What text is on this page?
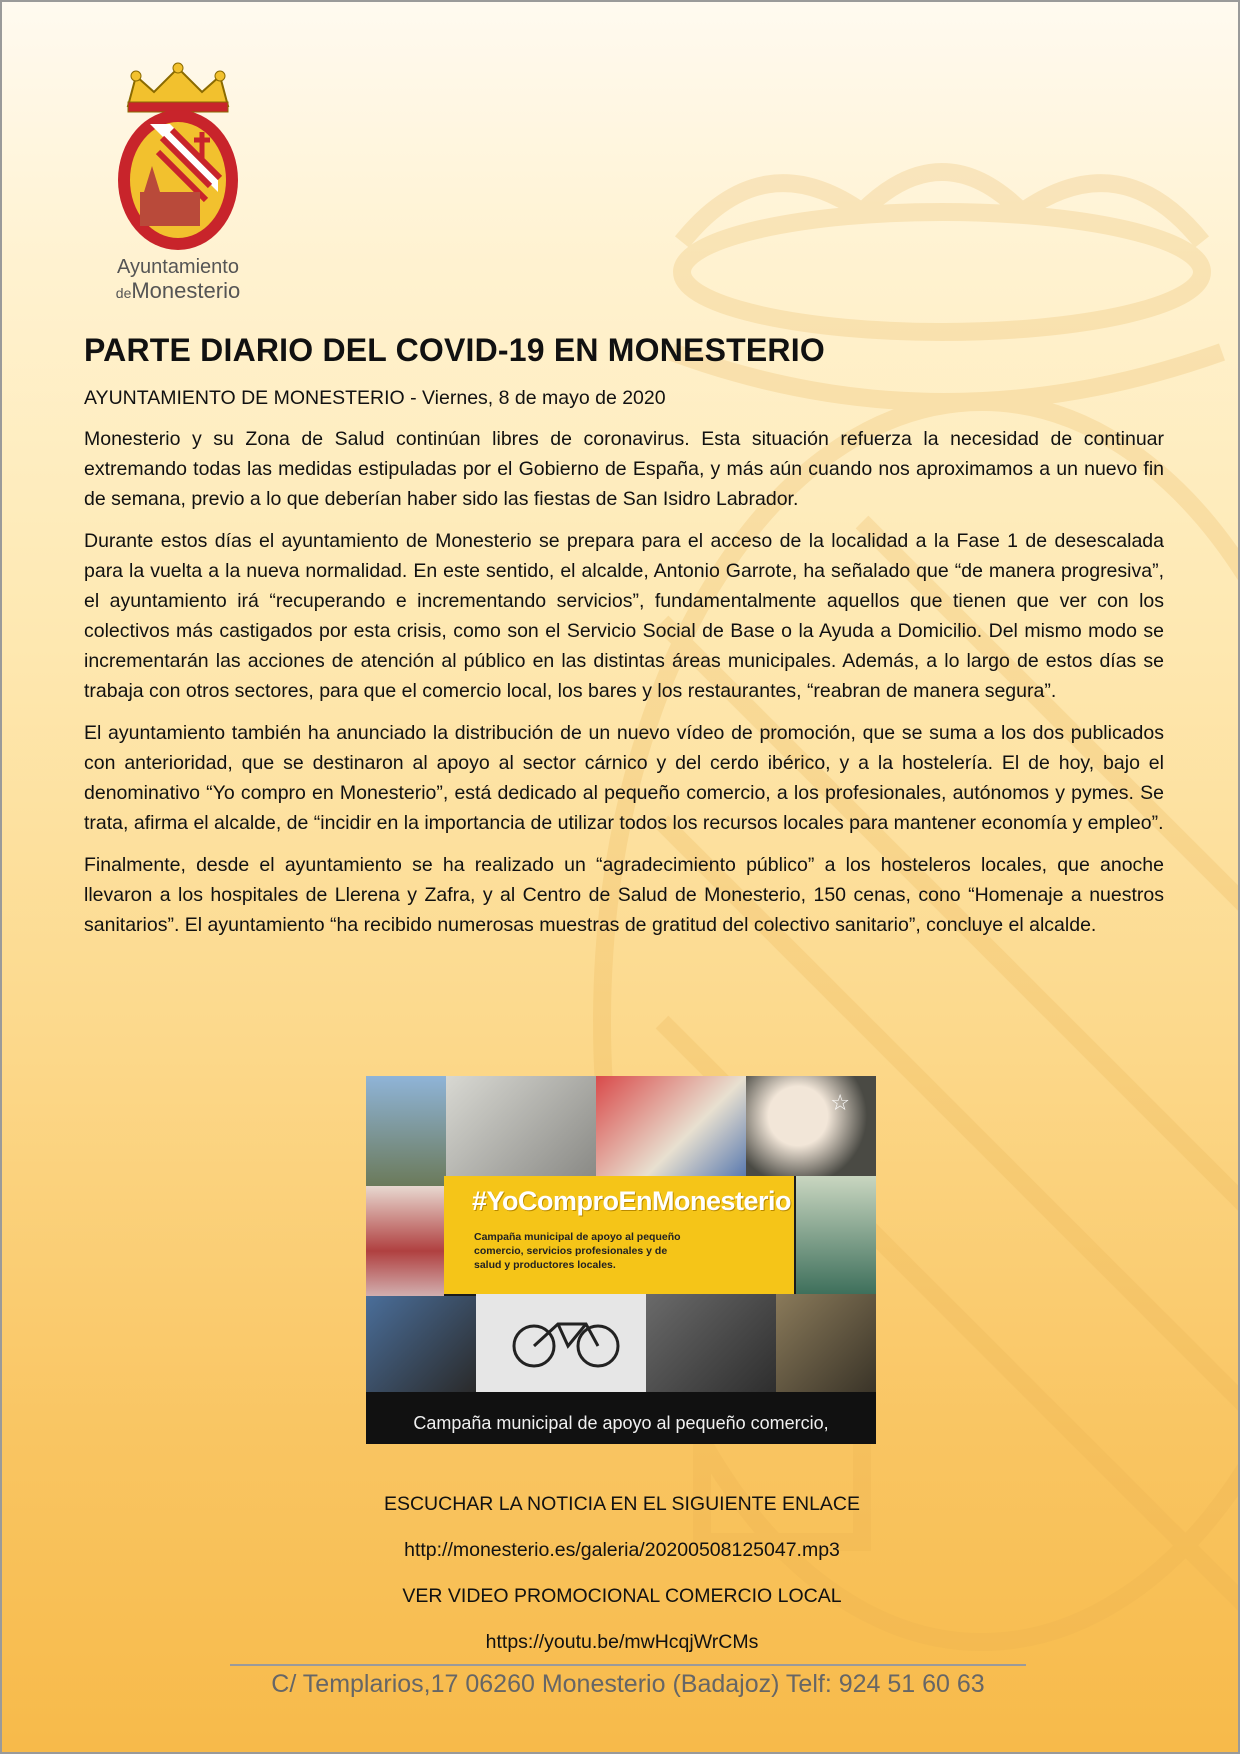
Ayuntamiento
deMonesterio
PARTE DIARIO DEL COVID-19 EN MONESTERIO
AYUNTAMIENTO DE MONESTERIO - Viernes, 8 de mayo de 2020

Monesterio y su Zona de Salud continúan libres de coronavirus. Esta situación refuerza la necesidad de continuar extremando todas las medidas estipuladas por el Gobierno de España, y más aún cuando nos aproximamos a un nuevo fin de semana, previo a lo que deberían haber sido las fiestas de San Isidro Labrador.

Durante estos días el ayuntamiento de Monesterio se prepara para el acceso de la localidad a la Fase 1 de desescalada para la vuelta a la nueva normalidad. En este sentido, el alcalde, Antonio Garrote, ha señalado que “de manera progresiva”, el ayuntamiento irá “recuperando e incrementando servicios”, fundamentalmente aquellos que tienen que ver con los colectivos más castigados por esta crisis, como son el Servicio Social de Base o la Ayuda a Domicilio. Del mismo modo se incrementarán las acciones de atención al público en las distintas áreas municipales. Además, a lo largo de estos días se trabaja con otros sectores, para que el comercio local, los bares y los restaurantes, “reabran de manera segura”.

El ayuntamiento también ha anunciado la distribución de un nuevo vídeo de promoción, que se suma a los dos publicados con anterioridad, que se destinaron al apoyo al sector cárnico y del cerdo ibérico, y a la hostelería. El de hoy, bajo el denominativo “Yo compro en Monesterio”, está dedicado al pequeño comercio, a los profesionales, autónomos y pymes. Se trata, afirma el alcalde, de “incidir en la importancia de utilizar todos los recursos locales para mantener economía y empleo”.

Finalmente, desde el ayuntamiento se ha realizado un “agradecimiento público” a los hosteleros locales, que anoche llevaron a los hospitales de Llerena y Zafra, y al Centro de Salud de Monesterio, 150 cenas, cono “Homenaje a nuestros sanitarios”. El ayuntamiento “ha recibido numerosas muestras de gratitud del colectivo sanitario”, concluye el alcalde.

#YoComproEnMonesterio
Campaña municipal de apoyo al pequeño comercio, servicios profesionales y de salud y productores locales.
☆
Campaña municipal de apoyo al pequeño comercio,
ESCUCHAR LA NOTICIA EN EL SIGUIENTE ENLACE
http://monesterio.es/galeria/20200508125047.mp3
VER VIDEO PROMOCIONAL COMERCIO LOCAL
https://youtu.be/mwHcqjWrCMs
C/ Templarios,17 06260 Monesterio (Badajoz) Telf: 924 51 60 63
